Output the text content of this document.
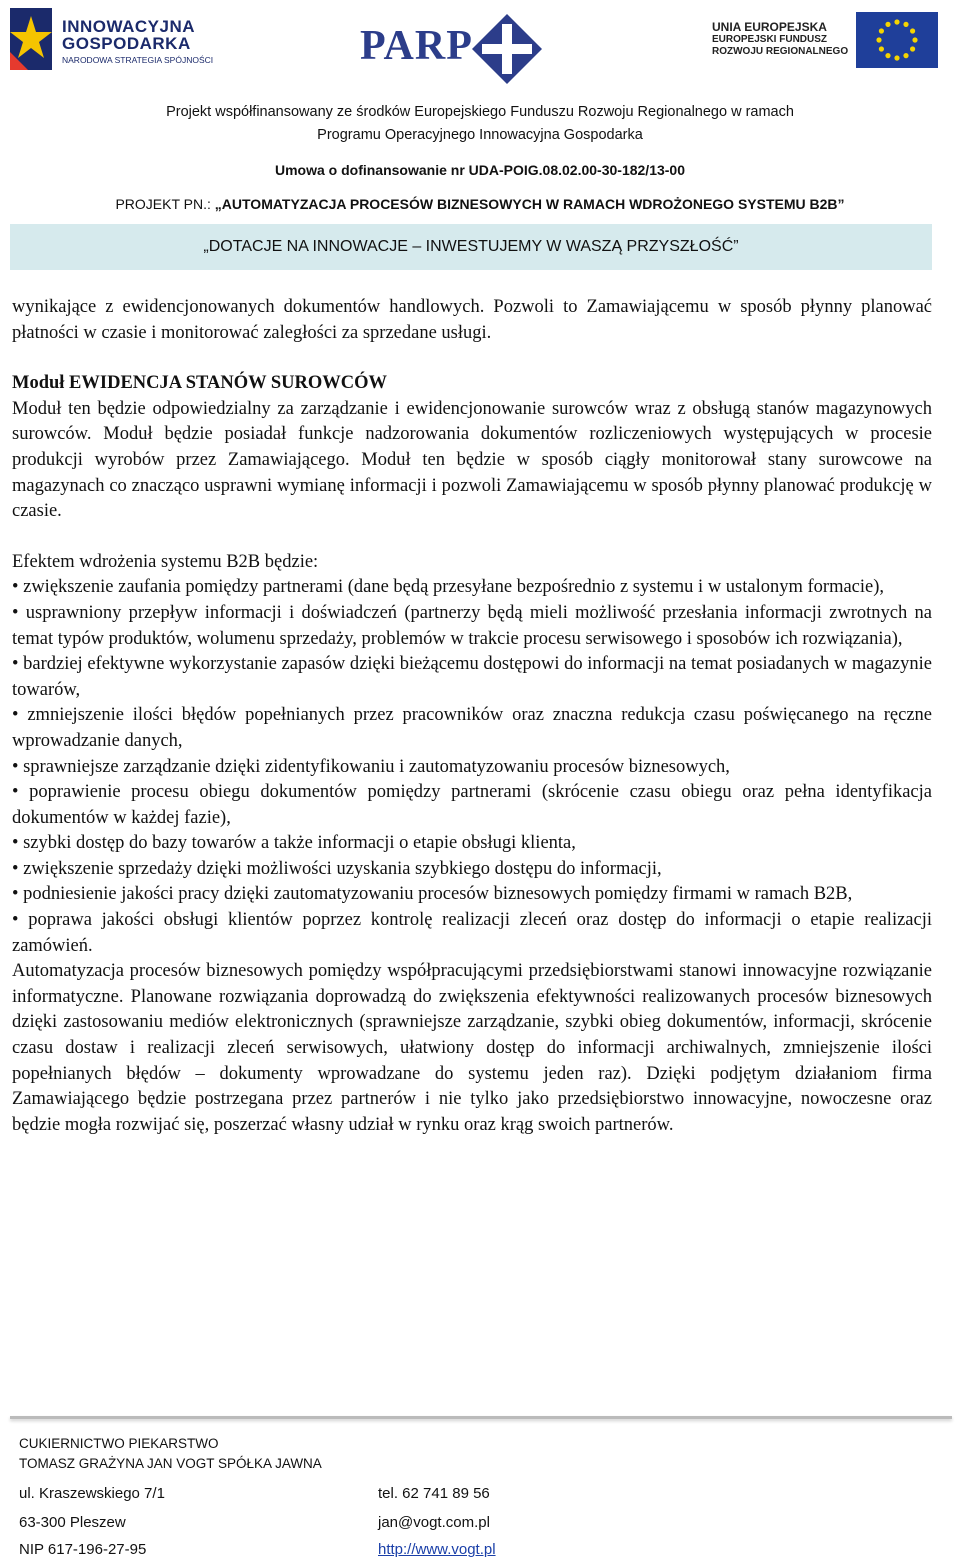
INNOWACYJNA
GOSPODARKA
NARODOWA STRATEGIA SPÓJNOŚCI	PARP	UNIA EUROPEJSKA
EUROPEJSKI FUNDUSZ
ROZWOJU REGIONALNEGO
Projekt współfinansowany ze środków Europejskiego Funduszu Rozwoju Regionalnego w ramach
Programu Operacyjnego Innowacyjna Gospodarka
Umowa o dofinansowanie nr UDA-POIG.08.02.00-30-182/13-00
PROJEKT PN.: „AUTOMATYZACJA PROCESÓW BIZNESOWYCH W RAMACH WDROŻONEGO SYSTEMU B2B”
„DOTACJE NA INNOWACJE – INWESTUJEMY W WASZĄ PRZYSZŁOŚĆ”

wynikające z ewidencjonowanych dokumentów handlowych. Pozwoli to Zamawiającemu w sposób płynny planować płatności w czasie i monitorować zaległości za sprzedane usługi.

Moduł EWIDENCJA STANÓW SUROWCÓW

Moduł ten będzie odpowiedzialny za zarządzanie i ewidencjonowanie surowców wraz z obsługą stanów magazynowych surowców. Moduł będzie posiadał funkcje nadzorowania dokumentów rozliczeniowych występujących w procesie produkcji wyrobów przez Zamawiającego. Moduł ten będzie w sposób ciągły monitorował stany surowcowe na magazynach co znacząco usprawni wymianę informacji i pozwoli Zamawiającemu w sposób płynny planować produkcję w czasie.

Efektem wdrożenia systemu B2B będzie:

• zwiększenie zaufania pomiędzy partnerami (dane będą przesyłane bezpośrednio z systemu i w ustalonym formacie),

• usprawniony przepływ informacji i doświadczeń (partnerzy będą mieli możliwość przesłania informacji zwrotnych na temat typów produktów, wolumenu sprzedaży, problemów w trakcie procesu serwisowego i sposobów ich rozwiązania),

• bardziej efektywne wykorzystanie zapasów dzięki bieżącemu dostępowi do informacji na temat posiadanych w magazynie towarów,

• zmniejszenie ilości błędów popełnianych przez pracowników oraz znaczna redukcja czasu poświęcanego na ręczne wprowadzanie danych,

• sprawniejsze zarządzanie dzięki zidentyfikowaniu i zautomatyzowaniu procesów biznesowych,

• poprawienie procesu obiegu dokumentów pomiędzy partnerami (skrócenie czasu obiegu oraz pełna identyfikacja dokumentów w każdej fazie),

• szybki dostęp do bazy towarów a także informacji o etapie obsługi klienta,

• zwiększenie sprzedaży dzięki możliwości uzyskania szybkiego dostępu do informacji,

• podniesienie jakości pracy dzięki zautomatyzowaniu procesów biznesowych pomiędzy firmami w ramach B2B,

• poprawa jakości obsługi klientów poprzez kontrolę realizacji zleceń oraz dostęp do informacji o etapie realizacji zamówień.

Automatyzacja procesów biznesowych pomiędzy współpracującymi przedsiębiorstwami stanowi innowacyjne rozwiązanie informatyczne. Planowane rozwiązania doprowadzą do zwiększenia efektywności realizowanych procesów biznesowych dzięki zastosowaniu mediów elektronicznych (sprawniejsze zarządzanie, szybki obieg dokumentów, informacji, skrócenie czasu dostaw i realizacji zleceń serwisowych, ułatwiony dostęp do informacji archiwalnych, zmniejszenie ilości popełnianych błędów – dokumenty wprowadzane do systemu jeden raz). Dzięki podjętym działaniom firma Zamawiającego będzie postrzegana przez partnerów i nie tylko jako przedsiębiorstwo innowacyjne, nowoczesne oraz będzie mogła rozwijać się, poszerzać własny udział w rynku oraz krąg swoich partnerów.

CUKIERNICTWO PIEKARSTWO
TOMASZ GRAŻYNA JAN VOGT SPÓŁKA JAWNA
ul. Kraszewskiego 7/1
63-300 Pleszew
NIP 617-196-27-95
tel. 62 741 89 56
jan@vogt.com.pl
http://www.vogt.pl
